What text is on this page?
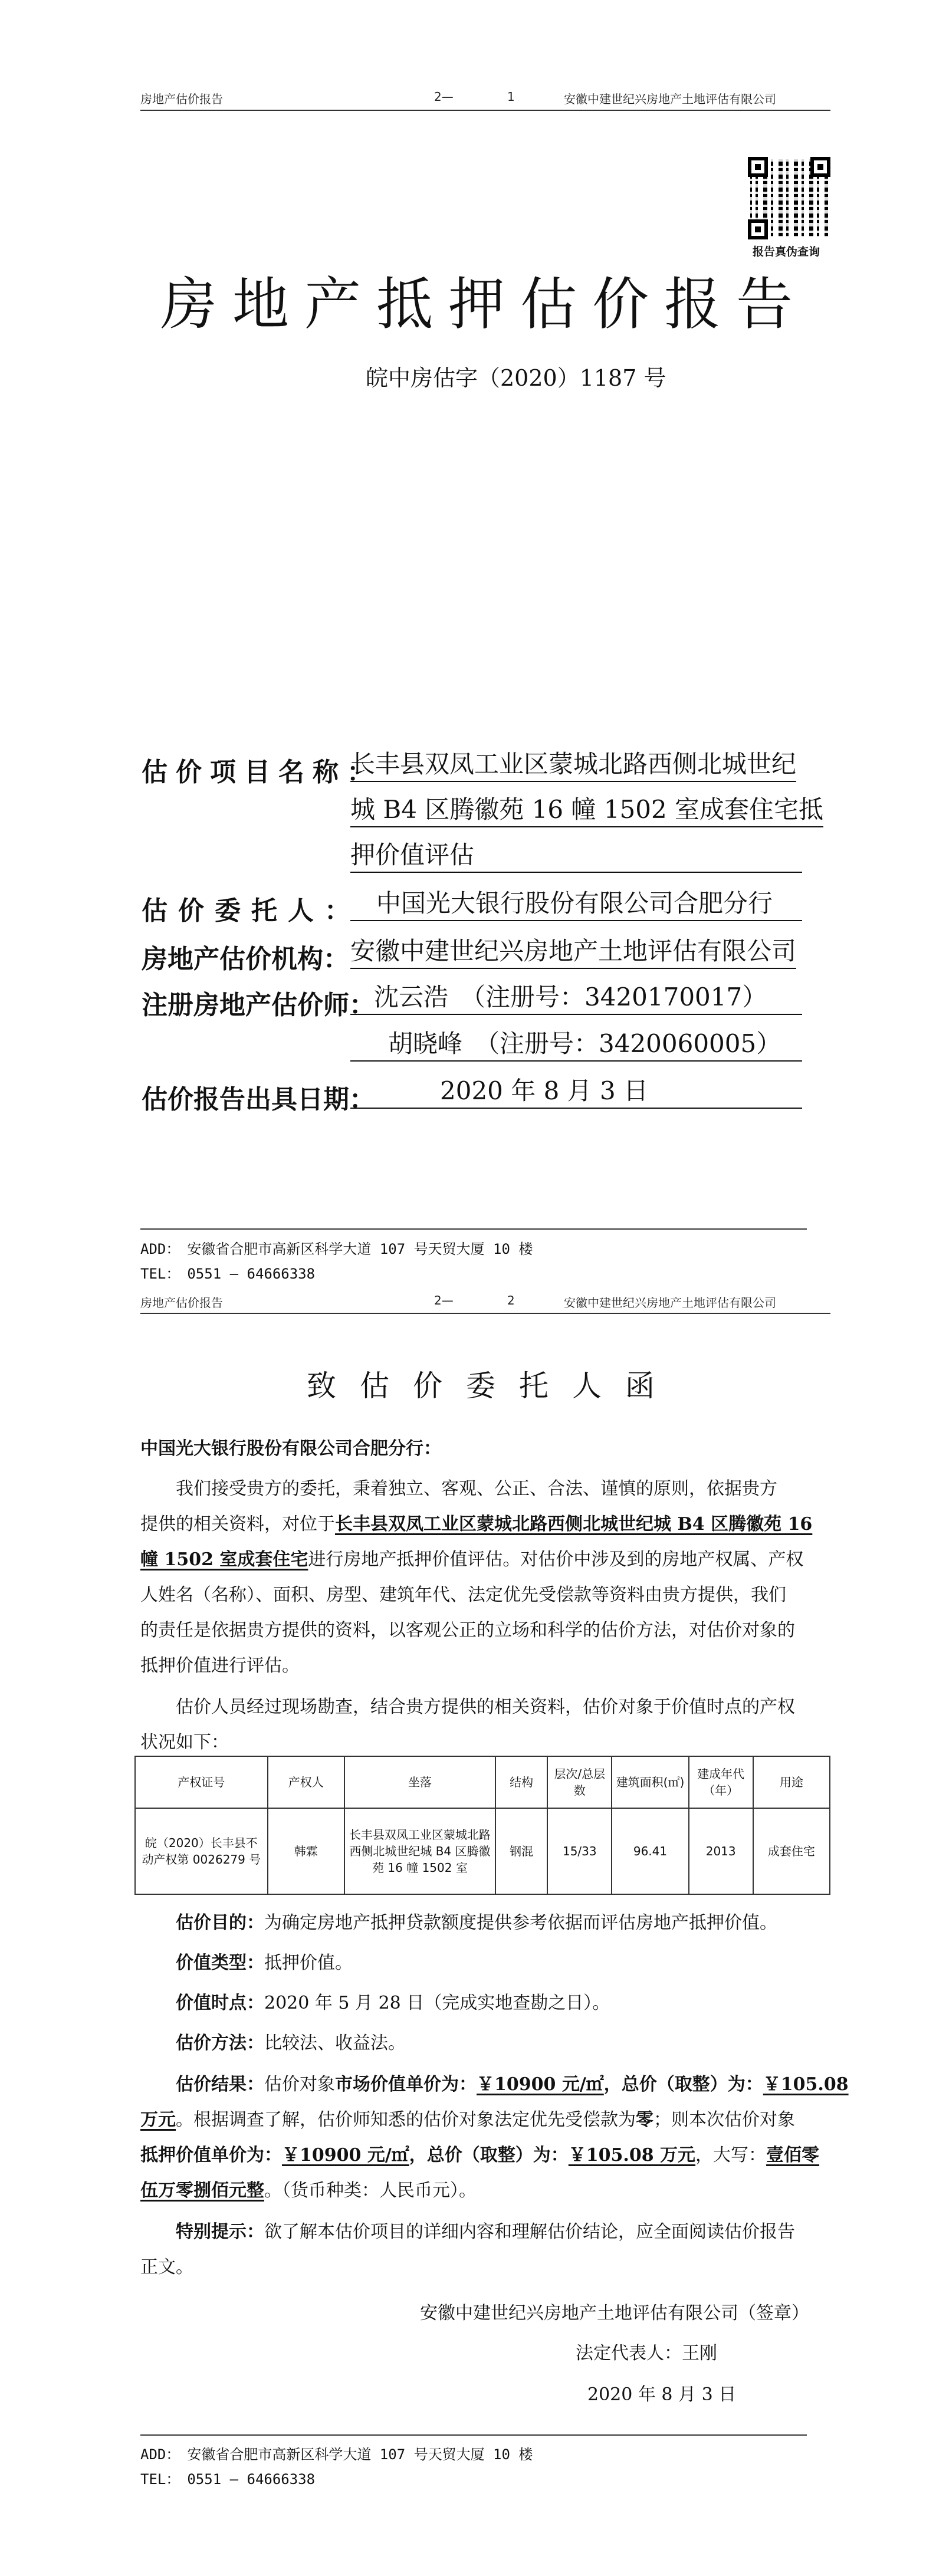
房地产估价报告	2—	1	安徽中建世纪兴房地产土地评估有限公司
报告真伪查询
房地产抵押估价报告
皖中房估字（2020）1187 号
估价项目名称：
长丰县双凤工业区蒙城北路西侧北城世纪
城 B4 区腾徽苑 16 幢 1502 室成套住宅抵
押价值评估
估价委托人： 中国光大银行股份有限公司合肥分行
房地产估价机构： 安徽中建世纪兴房地产土地评估有限公司
注册房地产估价师：
沈云浩　（注册号：3420170017）
胡晓峰　（注册号：3420060005）
估价报告出具日期：	2020 年 8 月 3 日
ADD：　安徽省合肥市高新区科学大道 107 号天贸大厦 10 楼
TEL：　0551 — 64666338
房地产估价报告	2—	2	安徽中建世纪兴房地产土地评估有限公司
致估价委托人函
中国光大银行股份有限公司合肥分行：
我们接受贵方的委托，秉着独立、客观、公正、合法、谨慎的原则，依据贵方
提供的相关资料，对位于长丰县双凤工业区蒙城北路西侧北城世纪城 B4 区腾徽苑 16
幢 1502 室成套住宅进行房地产抵押价值评估。对估价中涉及到的房地产权属、产权
人姓名（名称）、面积、房型、建筑年代、法定优先受偿款等资料由贵方提供，我们
的责任是依据贵方提供的资料，以客观公正的立场和科学的估价方法，对估价对象的
抵押价值进行评估。
估价人员经过现场勘查，结合贵方提供的相关资料，估价对象于价值时点的产权
状况如下：
产权证号	产权人	坐落	结构	层次/总层数	建筑面积(㎡)	建成年代（年）	用途
皖（2020）长丰县不动产权第 0026279 号	韩霖	长丰县双凤工业区蒙城北路西侧北城世纪城 B4 区腾徽苑 16 幢 1502 室	钢混	15/33	96.41	2013	成套住宅
估价目的：为确定房地产抵押贷款额度提供参考依据而评估房地产抵押价值。
价值类型：抵押价值。
价值时点：2020 年 5 月 28 日（完成实地查勘之日）。
估价方法：比较法、收益法。
估价结果：估价对象市场价值单价为：￥10900 元/㎡，总价（取整）为：￥105.08
万元。根据调查了解，估价师知悉的估价对象法定优先受偿款为零；则本次估价对象
抵押价值单价为：￥10900 元/㎡，总价（取整）为：￥105.08 万元，大写：壹佰零
伍万零捌佰元整。（货币种类：人民币元）。
特别提示：欲了解本估价项目的详细内容和理解估价结论，应全面阅读估价报告
正文。
安徽中建世纪兴房地产土地评估有限公司（签章）
法定代表人：王刚
2020 年 8 月 3 日
ADD：　安徽省合肥市高新区科学大道 107 号天贸大厦 10 楼
TEL：　0551 — 64666338
